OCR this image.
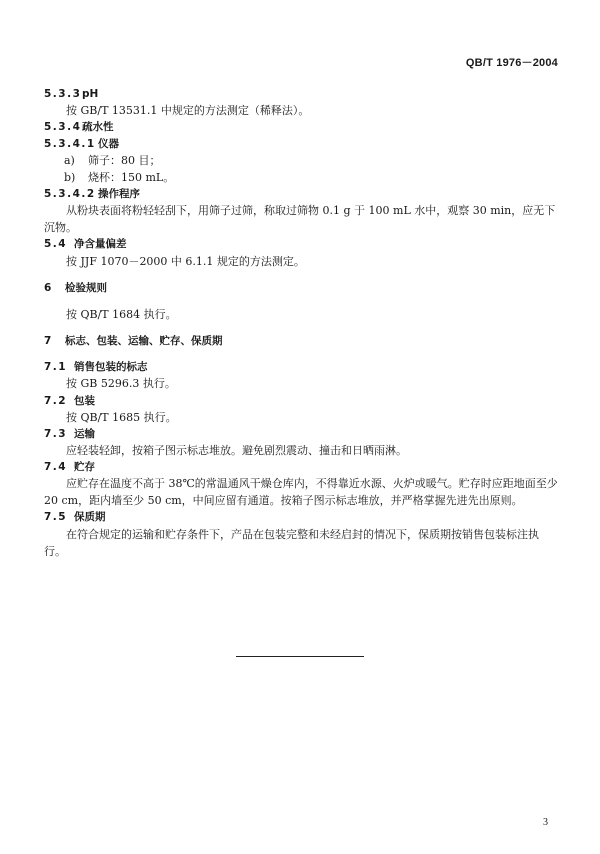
QB/T 1976－2004
5.3.3 pH
按 GB/T 13531.1 中规定的方法测定（稀释法）。
5.3.4 疏水性
5.3.4.1 仪器
a)	筛子：80 目；
b)	烧杯：150 mL。
5.3.4.2 操作程序
从粉块表面将粉轻轻刮下，用筛子过筛，称取过筛物 0.1 g 于 100 mL 水中，观察 30 min，应无下沉物。
5.4 净含量偏差
按 JJF 1070－2000 中 6.1.1 规定的方法测定。
6	检验规则
按 QB/T 1684 执行。
7	标志、包装、运输、贮存、保质期
7.1 销售包装的标志
按 GB 5296.3 执行。
7.2 包装
按 QB/T 1685 执行。
7.3 运输
应轻装轻卸，按箱子图示标志堆放。避免剧烈震动、撞击和日晒雨淋。
7.4 贮存
应贮存在温度不高于 38℃的常温通风干燥仓库内，不得靠近水源、火炉或暖气。贮存时应距地面至少 20 cm，距内墙至少 50 cm，中间应留有通道。按箱子图示标志堆放，并严格掌握先进先出原则。
7.5 保质期
在符合规定的运输和贮存条件下，产品在包装完整和未经启封的情况下，保质期按销售包装标注执行。
3
